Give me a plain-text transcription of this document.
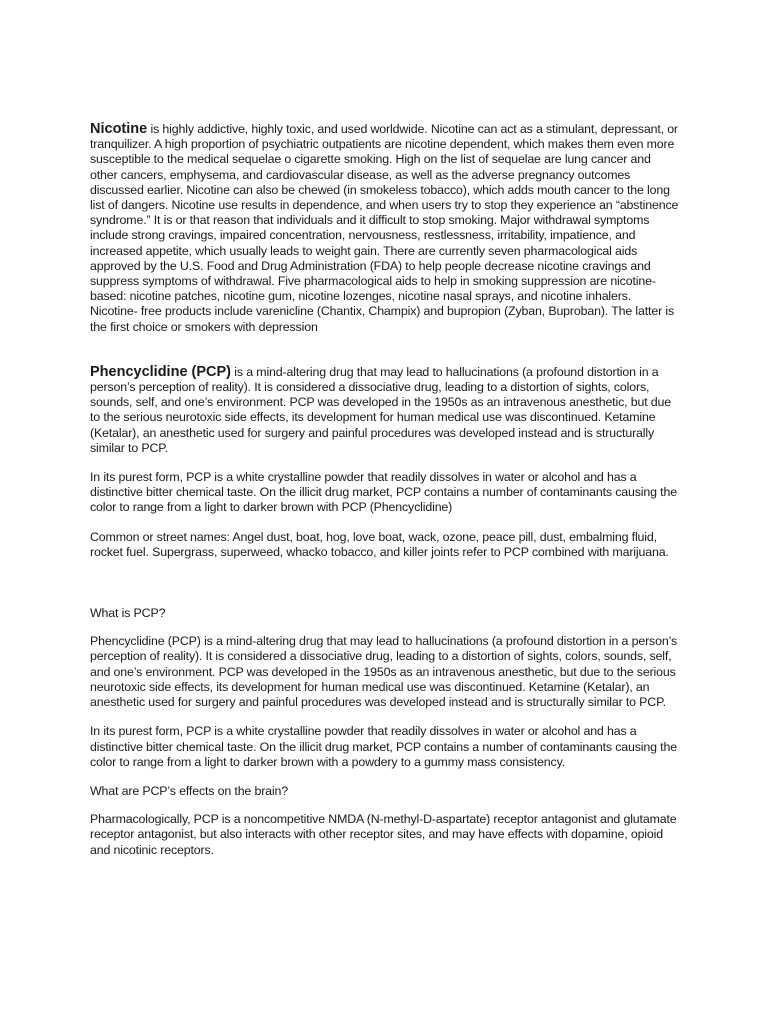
Nicotine is highly addictive, highly toxic, and used worldwide. Nicotine can act as a stimulant, depressant, or tranquilizer. A high proportion of psychiatric outpatients are nicotine dependent, which makes them even more susceptible to the medical sequelae o cigarette smoking. High on the list of sequelae are lung cancer and other cancers, emphysema, and cardiovascular disease, as well as the adverse pregnancy outcomes discussed earlier. Nicotine can also be chewed (in smokeless tobacco), which adds mouth cancer to the long list of dangers. Nicotine use results in dependence, and when users try to stop they experience an “abstinence syndrome.” It is or that reason that individuals and it difficult to stop smoking. Major withdrawal symptoms include strong cravings, impaired concentration, nervousness, restlessness, irritability, impatience, and increased appetite, which usually leads to weight gain. There are currently seven pharmacological aids approved by the U.S. Food and Drug Administration (FDA) to help people decrease nicotine cravings and suppress symptoms of withdrawal. Five pharmacological aids to help in smoking suppression are nicotine-based: nicotine patches, nicotine gum, nicotine lozenges, nicotine nasal sprays, and nicotine inhalers. Nicotine- free products include varenicline (Chantix, Champix) and bupropion (Zyban, Buproban). The latter is the first choice or smokers with depression

Phencyclidine (PCP) is a mind-altering drug that may lead to hallucinations (a profound distortion in a person’s perception of reality). It is considered a dissociative drug, leading to a distortion of sights, colors, sounds, self, and one’s environment. PCP was developed in the 1950s as an intravenous anesthetic, but due to the serious neurotoxic side effects, its development for human medical use was discontinued. Ketamine (Ketalar), an anesthetic used for surgery and painful procedures was developed instead and is structurally similar to PCP.

In its purest form, PCP is a white crystalline powder that readily dissolves in water or alcohol and has a distinctive bitter chemical taste. On the illicit drug market, PCP contains a number of contaminants causing the color to range from a light to darker brown with PCP (Phencyclidine)

Common or street names: Angel dust, boat, hog, love boat, wack, ozone, peace pill, dust, embalming fluid, rocket fuel. Supergrass, superweed, whacko tobacco, and killer joints refer to PCP combined with marijuana.

What is PCP?

Phencyclidine (PCP) is a mind-altering drug that may lead to hallucinations (a profound distortion in a person’s perception of reality). It is considered a dissociative drug, leading to a distortion of sights, colors, sounds, self, and one’s environment. PCP was developed in the 1950s as an intravenous anesthetic, but due to the serious neurotoxic side effects, its development for human medical use was discontinued. Ketamine (Ketalar), an anesthetic used for surgery and painful procedures was developed instead and is structurally similar to PCP.

In its purest form, PCP is a white crystalline powder that readily dissolves in water or alcohol and has a distinctive bitter chemical taste. On the illicit drug market, PCP contains a number of contaminants causing the color to range from a light to darker brown with a powdery to a gummy mass consistency.

What are PCP’s effects on the brain?

Pharmacologically, PCP is a noncompetitive NMDA (N-methyl-D-aspartate) receptor antagonist and glutamate receptor antagonist, but also interacts with other receptor sites, and may have effects with dopamine, opioid and nicotinic receptors.
